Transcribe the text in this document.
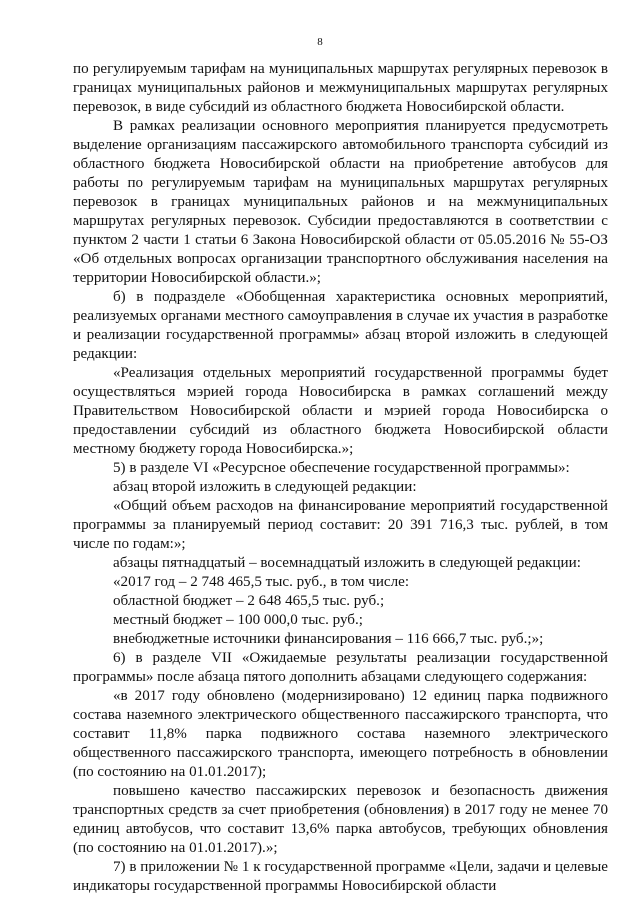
8

по регулируемым тарифам на муниципальных маршрутах регулярных перевозок в границах муниципальных районов и межмуниципальных маршрутах регулярных перевозок, в виде субсидий из областного бюджета Новосибирской области.

В рамках реализации основного мероприятия планируется предусмотреть выделение организациям пассажирского автомобильного транспорта субсидий из областного бюджета Новосибирской области на приобретение автобусов для работы по регулируемым тарифам на муниципальных маршрутах регулярных перевозок в границах муниципальных районов и на межмуниципальных маршрутах регулярных перевозок. Субсидии предоставляются в соответствии с пунктом 2 части 1 статьи 6 Закона Новосибирской области от 05.05.2016 № 55-ОЗ «Об отдельных вопросах организации транспортного обслуживания населения на территории Новосибирской области.»;

б) в подразделе «Обобщенная характеристика основных мероприятий, реализуемых органами местного самоуправления в случае их участия в разработке и реализации государственной программы» абзац второй изложить в следующей редакции:

«Реализация отдельных мероприятий государственной программы будет осуществляться мэрией города Новосибирска в рамках соглашений между Правительством Новосибирской области и мэрией города Новосибирска о предоставлении субсидий из областного бюджета Новосибирской области местному бюджету города Новосибирска.»;

5) в разделе VI «Ресурсное обеспечение государственной программы»:

абзац второй изложить в следующей редакции:

«Общий объем расходов на финансирование мероприятий государственной программы за планируемый период составит: 20 391 716,3 тыс. рублей, в том числе по годам:»;

абзацы пятнадцатый – восемнадцатый изложить в следующей редакции:

«2017 год – 2 748 465,5 тыс. руб., в том числе:

областной бюджет – 2 648 465,5 тыс. руб.;

местный бюджет – 100 000,0 тыс. руб.;

внебюджетные источники финансирования – 116 666,7 тыс. руб.;»;

6) в разделе VII «Ожидаемые результаты реализации государственной программы» после абзаца пятого дополнить абзацами следующего содержания:

«в 2017 году обновлено (модернизировано) 12 единиц парка подвижного состава наземного электрического общественного пассажирского транспорта, что составит 11,8% парка подвижного состава наземного электрического общественного пассажирского транспорта, имеющего потребность в обновлении (по состоянию на 01.01.2017);

повышено качество пассажирских перевозок и безопасность движения транспортных средств за счет приобретения (обновления) в 2017 году не менее 70 единиц автобусов, что составит 13,6% парка автобусов, требующих обновления (по состоянию на 01.01.2017).»;

7) в приложении № 1 к государственной программе «Цели, задачи и целевые индикаторы государственной программы Новосибирской области
